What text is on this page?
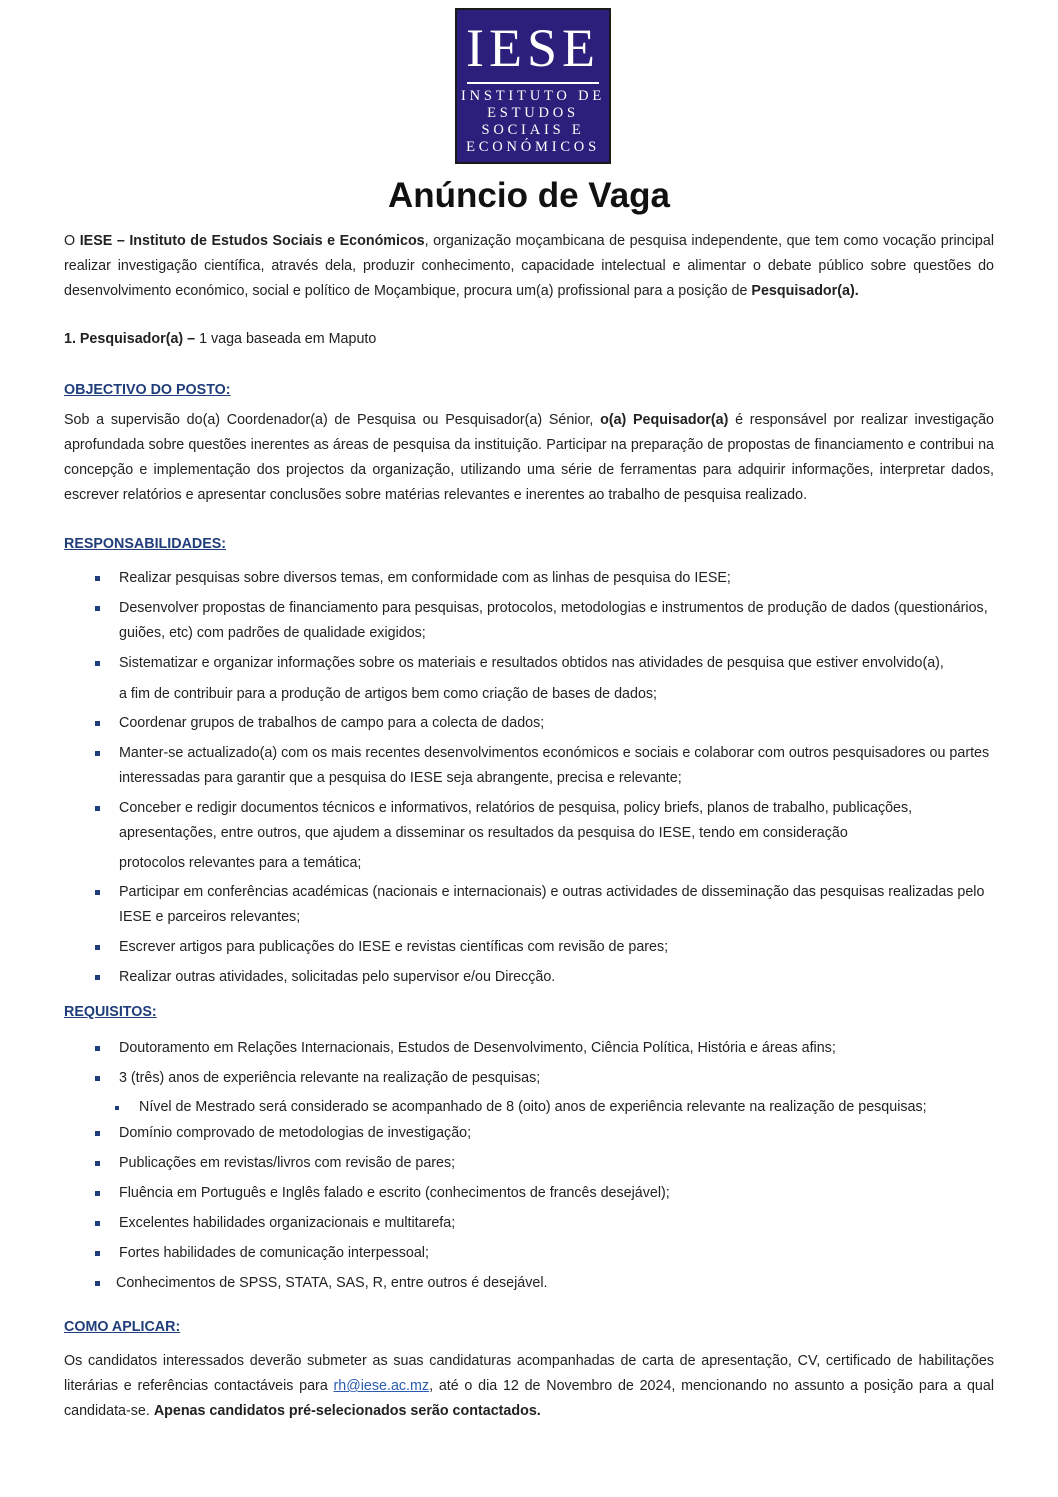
IESE
INSTITUTO DE
ESTUDOS
SOCIAIS E
ECONÓMICOS
Anúncio de Vaga

O IESE – Instituto de Estudos Sociais e Económicos, organização moçambicana de pesquisa independente, que tem como vocação principal realizar investigação científica, através dela, produzir conhecimento, capacidade intelectual e alimentar o debate público sobre questões do desenvolvimento económico, social e político de Moçambique, procura um(a) profissional para a posição de Pesquisador(a).

1. Pesquisador(a) – 1 vaga baseada em Maputo

OBJECTIVO DO POSTO:

Sob a supervisão do(a) Coordenador(a) de Pesquisa ou Pesquisador(a) Sénior, o(a) Pequisador(a) é responsável por realizar investigação aprofundada sobre questões inerentes as áreas de pesquisa da instituição. Participar na preparação de propostas de financiamento e contribui na concepção e implementação dos projectos da organização, utilizando uma série de ferramentas para adquirir informações, interpretar dados, escrever relatórios e apresentar conclusões sobre matérias relevantes e inerentes ao trabalho de pesquisa realizado.

RESPONSABILIDADES:

Realizar pesquisas sobre diversos temas, em conformidade com as linhas de pesquisa do IESE;

Desenvolver propostas de financiamento para pesquisas, protocolos, metodologias e instrumentos de produção de dados (questionários, guiões, etc) com padrões de qualidade exigidos;

Sistematizar e organizar informações sobre os materiais e resultados obtidos nas atividades de pesquisa que estiver envolvido(a),

a fim de contribuir para a produção de artigos bem como criação de bases de dados;

Coordenar grupos de trabalhos de campo para a colecta de dados;

Manter-se actualizado(a) com os mais recentes desenvolvimentos económicos e sociais e colaborar com outros pesquisadores ou partes interessadas para garantir que a pesquisa do IESE seja abrangente, precisa e relevante;

Conceber e redigir documentos técnicos e informativos, relatórios de pesquisa, policy briefs, planos de trabalho, publicações, apresentações, entre outros, que ajudem a disseminar os resultados da pesquisa do IESE, tendo em consideração

protocolos relevantes para a temática;

Participar em conferências académicas (nacionais e internacionais) e outras actividades de disseminação das pesquisas realizadas pelo IESE e parceiros relevantes;

Escrever artigos para publicações do IESE e revistas científicas com revisão de pares;

Realizar outras atividades, solicitadas pelo supervisor e/ou Direcção.

REQUISITOS:

Doutoramento em Relações Internacionais, Estudos de Desenvolvimento, Ciência Política, História e áreas afins;

3 (três) anos de experiência relevante na realização de pesquisas;

Nível de Mestrado será considerado se acompanhado de 8 (oito) anos de experiência relevante na realização de pesquisas;

Domínio comprovado de metodologias de investigação;

Publicações em revistas/livros com revisão de pares;

Fluência em Português e Inglês falado e escrito (conhecimentos de francês desejável);

Excelentes habilidades organizacionais e multitarefa;

Fortes habilidades de comunicação interpessoal;

Conhecimentos de SPSS, STATA, SAS, R, entre outros é desejável.

COMO APLICAR:

Os candidatos interessados deverão submeter as suas candidaturas acompanhadas de carta de apresentação, CV, certificado de habilitações literárias e referências contactáveis para rh@iese.ac.mz, até o dia 12 de Novembro de 2024, mencionando no assunto a posição para a qual candidata-se. Apenas candidatos pré-selecionados serão contactados.
